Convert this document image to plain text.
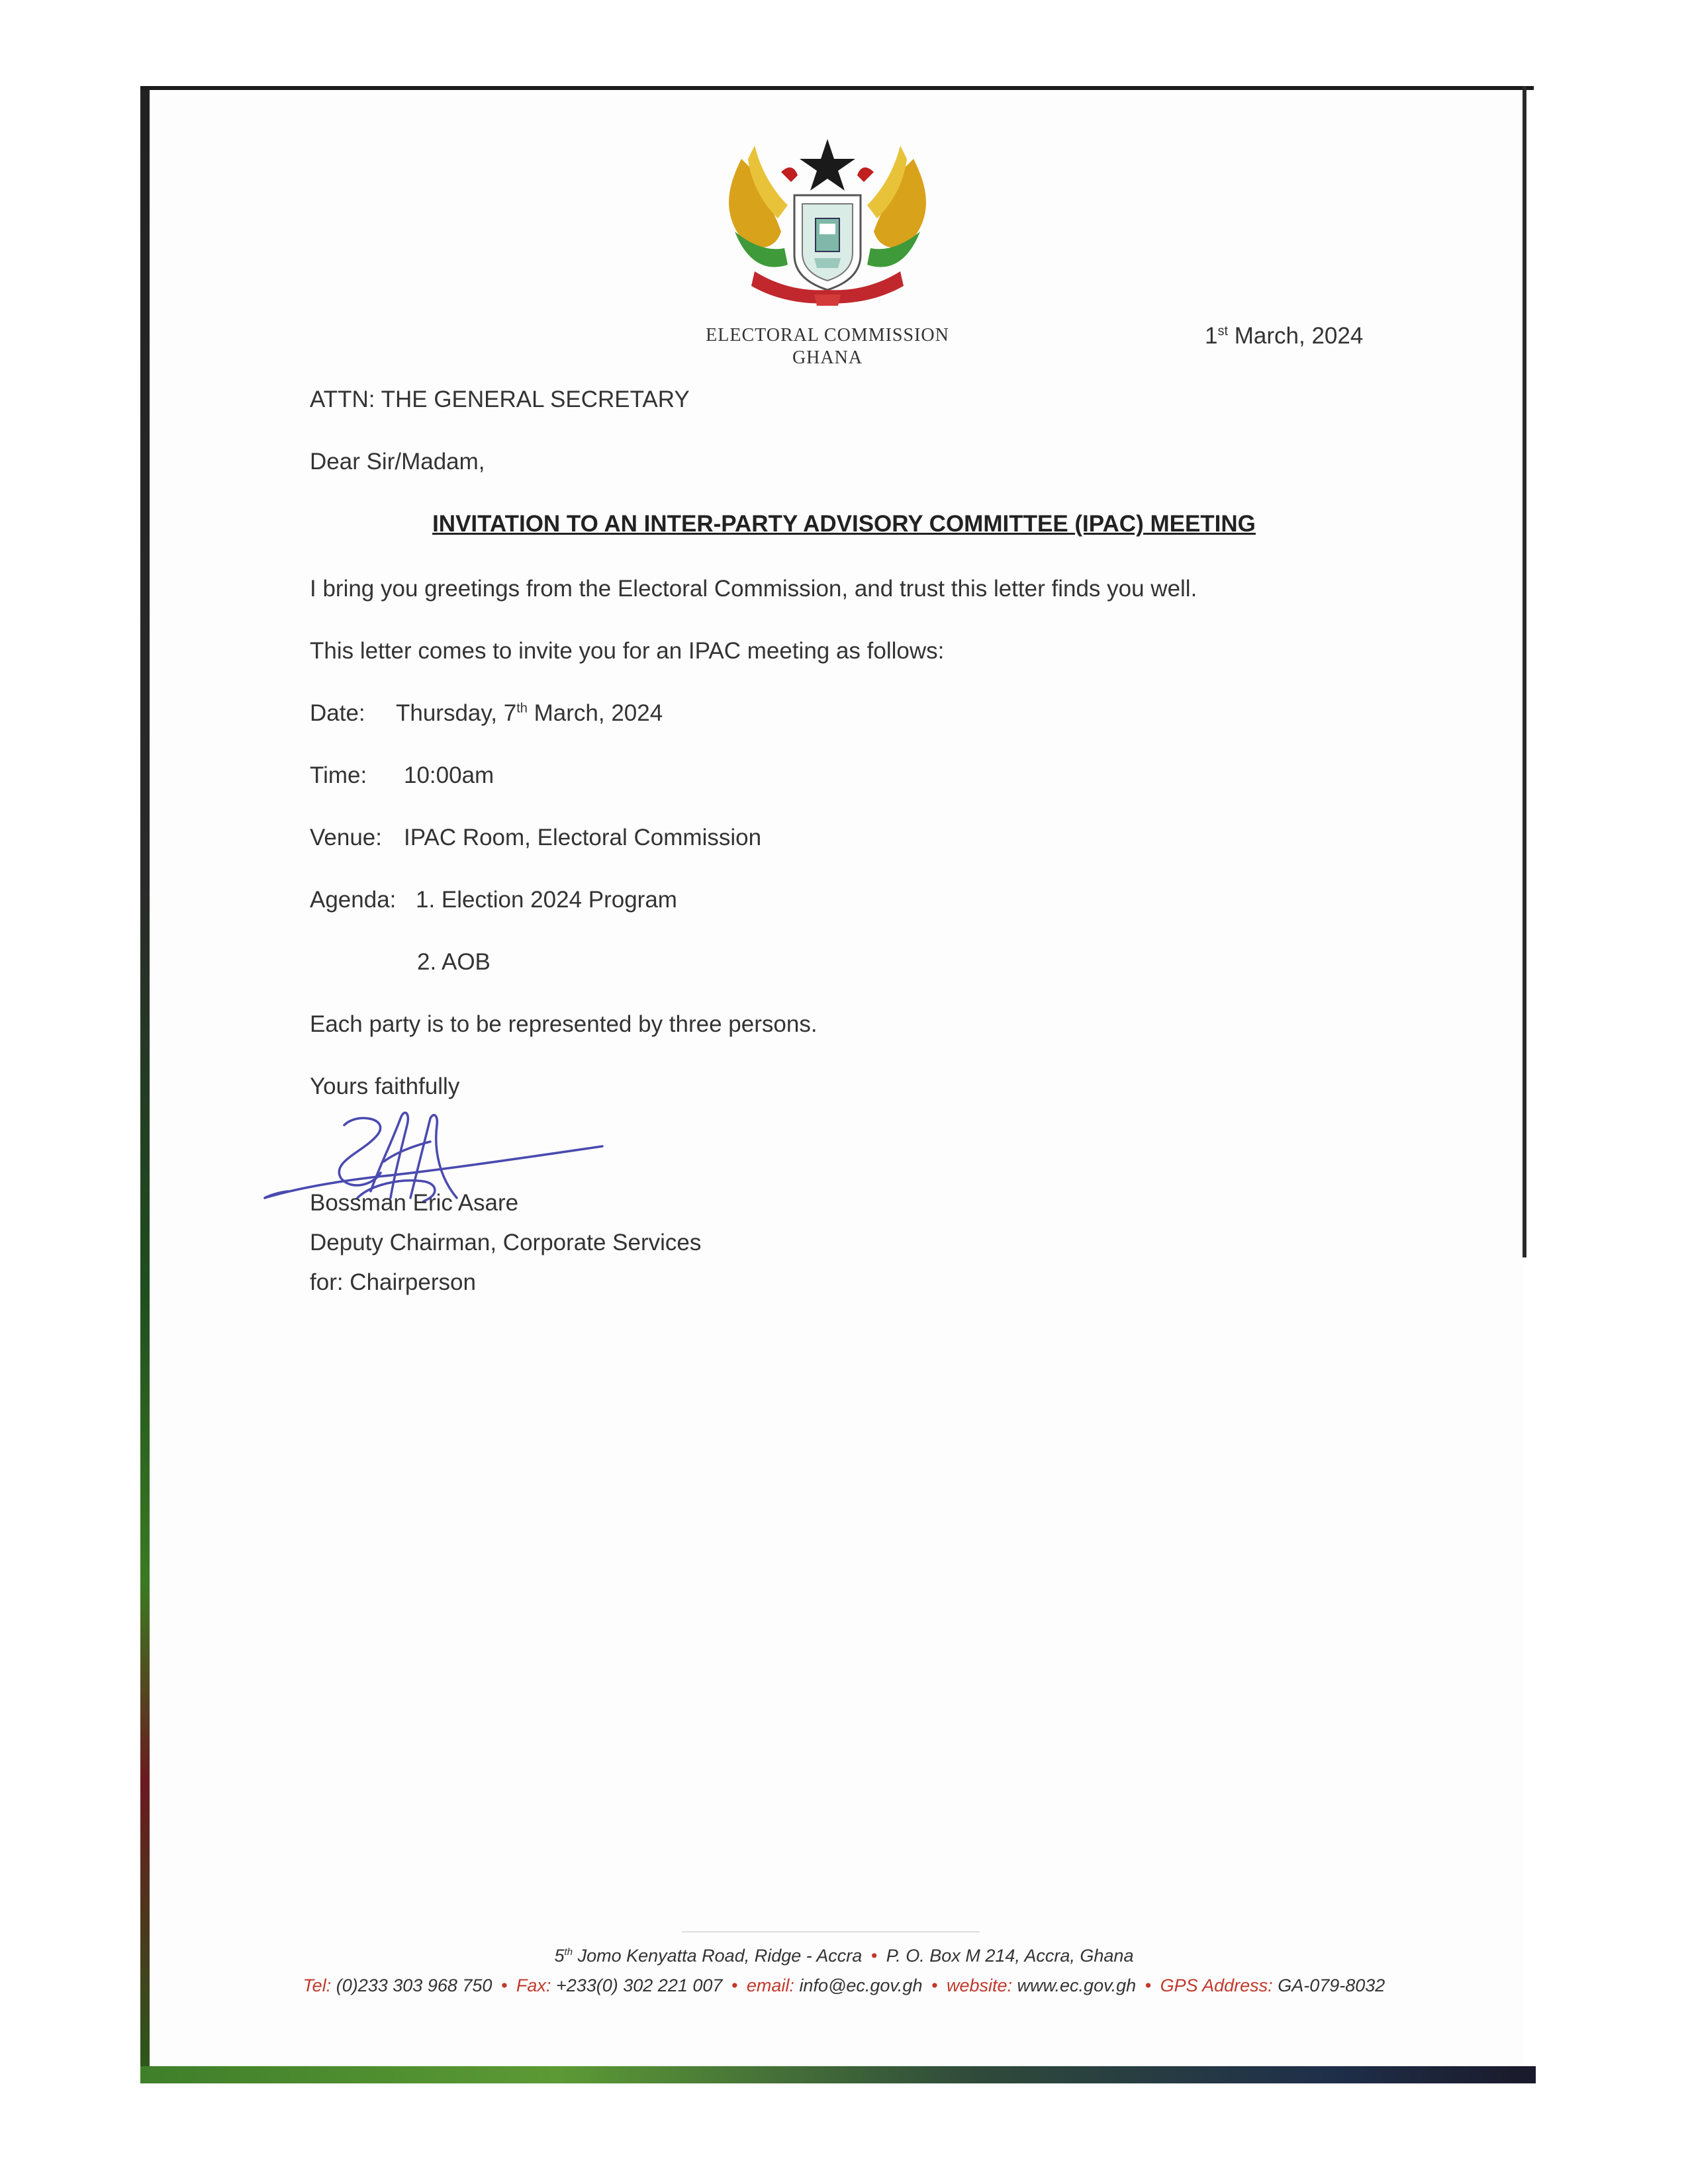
ELECTORAL COMMISSION
GHANA
1st March, 2024
ATTN: THE GENERAL SECRETARY
Dear Sir/Madam,
INVITATION TO AN INTER-PARTY ADVISORY COMMITTEE (IPAC) MEETING
I bring you greetings from the Electoral Commission, and trust this letter finds you well.
This letter comes to invite you for an IPAC meeting as follows:
Date: Thursday, 7th March, 2024
Time: 10:00am
Venue: IPAC Room, Electoral Commission
Agenda: 1. Election 2024 Program
2. AOB
Each party is to be represented by three persons.
Yours faithfully
Bossman Eric Asare
Deputy Chairman, Corporate Services
for: Chairperson
5th Jomo Kenyatta Road, Ridge - Accra • P. O. Box M 214, Accra, Ghana
Tel: (0)233 303 968 750 • Fax: +233(0) 302 221 007 • email: info@ec.gov.gh • website: www.ec.gov.gh • GPS Address: GA-079-8032
